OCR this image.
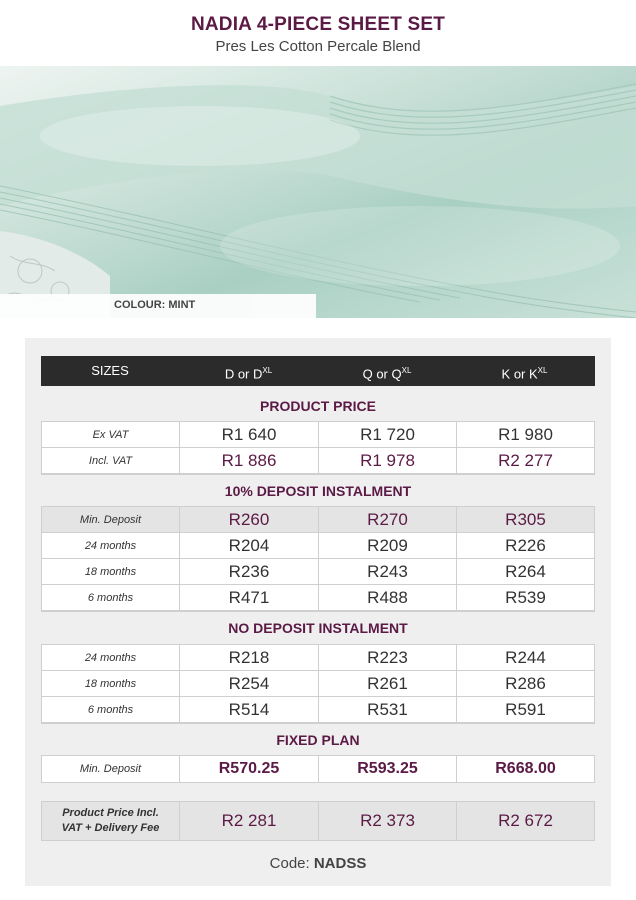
NADIA 4-PIECE SHEET SET
Pres Les Cotton Percale Blend
COLOUR: MINT
SIZES	D or $D^{XL}$	Q or $Q^{XL}$	K or $K^{XL}$
PRODUCT PRICE
Ex VAT	R1 640	R1 720	R1 980
Incl. VAT	R1 886	R1 978	R2 277
10% DEPOSIT INSTALMENT
Min. Deposit	R260	R270	R305
24 months	R204	R209	R226
18 months	R236	R243	R264
6 months	R471	R488	R539
NO DEPOSIT INSTALMENT
24 months	R218	R223	R244
18 months	R254	R261	R286
6 months	R514	R531	R591
FIXED PLAN
Min. Deposit	R570.25	R593.25	R668.00
Product Price Incl. VAT + Delivery Fee	R2 281	R2 373	R2 672
Code: NADSS
